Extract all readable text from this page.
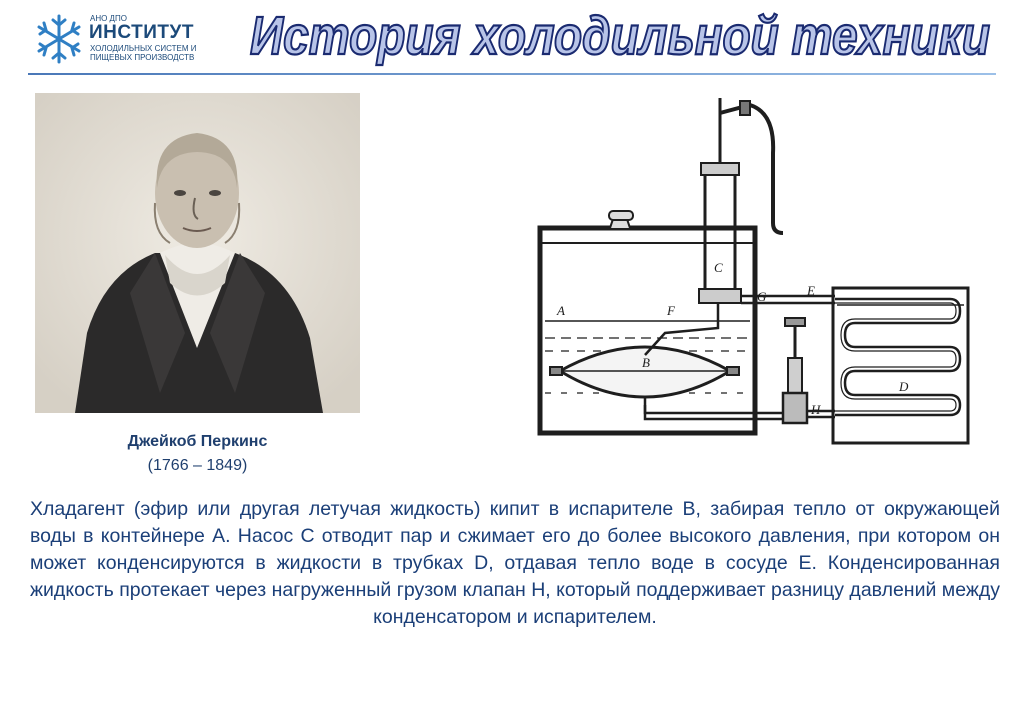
АНО ДПО
ИНСТИТУТ
ХОЛОДИЛЬНЫХ СИСТЕМ И
ПИЩЕВЫХ ПРОИЗВОДСТВ История холодильной техники
Джейкоб Перкинс
(1766 – 1849)
A
B
C
D
E
F
G
H
Хладагент (эфир или другая летучая жидкость) кипит в испарителе В, забирая тепло от окружающей воды в контейнере А. Насос С отводит пар и сжимает его до более высокого давления, при котором он может конденсируются в жидкости в трубках D, отдавая тепло воде в сосуде Е. Конденсированная жидкость протекает через нагруженный грузом клапан Н, который поддерживает разницу давлений между конденсатором и испарителем.
